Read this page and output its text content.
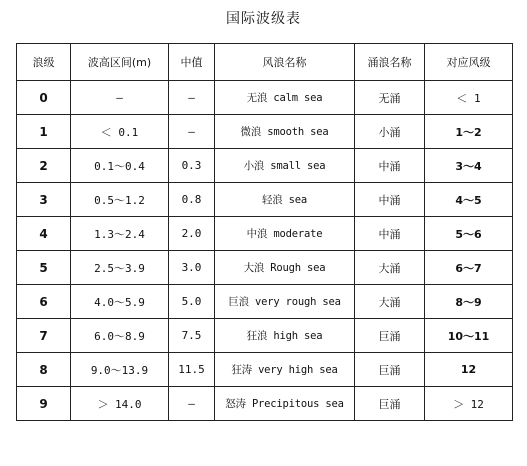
国际波级表
浪级	波高区间(m)	中值	风浪名称	涌浪名称	对应风级
0	—	—	无浪 calm sea	无涌	＜ 1
1	＜ 0.1	—	微浪 smooth sea	小涌	1～2
2	0.1～0.4	0.3	小浪 small sea	中涌	3～4
3	0.5～1.2	0.8	轻浪 sea	中涌	4～5
4	1.3～2.4	2.0	中浪 moderate	中涌	5～6
5	2.5～3.9	3.0	大浪 Rough sea	大涌	6～7
6	4.0～5.9	5.0	巨浪 very rough sea	大涌	8～9
7	6.0～8.9	7.5	狂浪 high sea	巨涌	10～11
8	9.0～13.9	11.5	狂涛 very high sea	巨涌	12
9	＞ 14.0	—	怒涛 Precipitous sea	巨涌	＞ 12
